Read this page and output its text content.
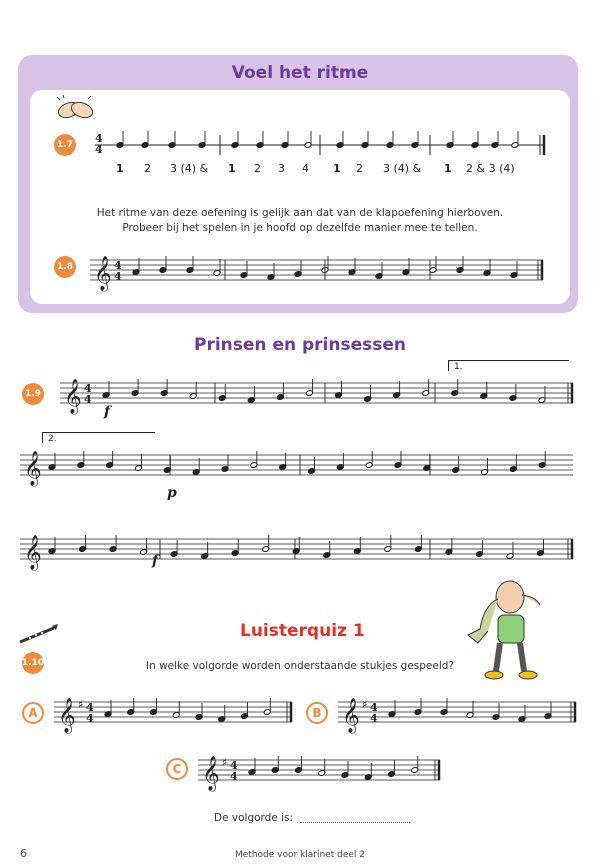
Voel het ritme
1.7 4
4
1 2 3 (4) & 1 2 3 4 1 2 3 (4) & 1 2 & 3 (4)
Het ritme van deze oefening is gelijk aan dat van de klapoefening hierboven.
Probeer bij het spelen in je hoofd op dezelfde manier mee te tellen.
1.8 𝄞 4
4
Prinsen en prinsessen
1.9 𝄞 4
4
𝄞
𝄞
1.
2.
f
p
f
Luisterquiz 1
1.10	In welke volgorde worden onderstaande stukjes gespeeld?
A	B
C
𝄞 ♯ 4
4	𝄞 ♯ 4
4
𝄞 ♯ 4
4
De volgorde is:
6	Methode voor klarinet deel 2
